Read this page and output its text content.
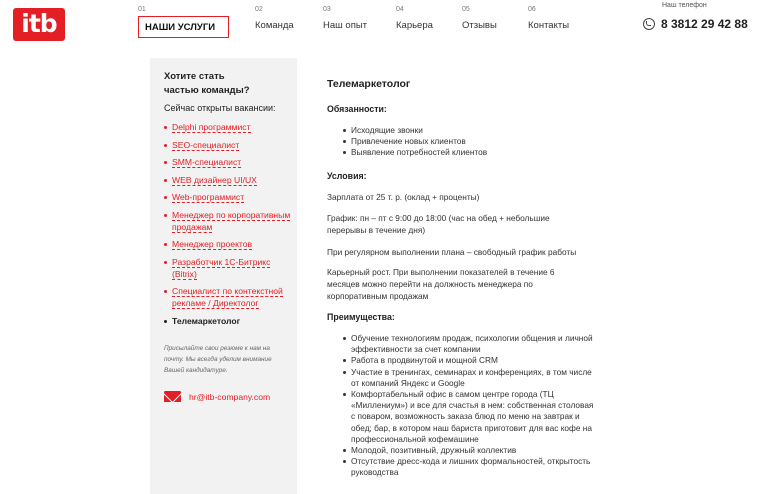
itb	01
НАШИ УСЛУГИ
02
Команда
03
Наш опыт
04
Карьера
05
Отзывы
06
Контакты
Наш телефон
8 3812 29 42 88
Хотите стать
частью команды?
Сейчас открыты вакансии:
Delphi программист
SEO-специалист
SMM-специалист
WEB дизайнер UI/UX
Web-программист
Менеджер по корпоративным продажам
Менеджер проектов
Разработчик 1С-Битрикс (Bitrix)
Специалист по контекстной рекламе / Директолог
Телемаркетолог
Присылайте свои резюме к нам на почту. Мы всегда уделим внимание Вашей кандидатуре.
hr@itb-company.com
Телемаркетолог
Обязанности:
Исходящие звонки
Привлечение новых клиентов
Выявление потребностей клиентов
Условия:
Зарплата от 25 т. р. (оклад + проценты)
График: пн – пт с 9:00 до 18:00 (час на обед + небольшие перерывы в течение дня)
При регулярном выполнении плана – свободный график работы
Карьерный рост. При выполнении показателей в течение 6 месяцев можно перейти на должность менеджера по корпоративным продажам
Преимущества:
Обучение технологиям продаж, психологии общения и личной эффективности за счет компании
Работа в продвинутой и мощной CRM
Участие в тренингах, семинарах и конференциях, в том числе от компаний Яндекс и Google
Комфортабельный офис в самом центре города (ТЦ «Миллениум») и все для счастья в нем: собственная столовая с поваром, возможность заказа блюд по меню на завтрак и обед; бар, в котором наш бариста приготовит для вас кофе на профессиональной кофемашине
Молодой, позитивный, дружный коллектив
Отсутствие дресс-кода и лишних формальностей, открытость руководства
